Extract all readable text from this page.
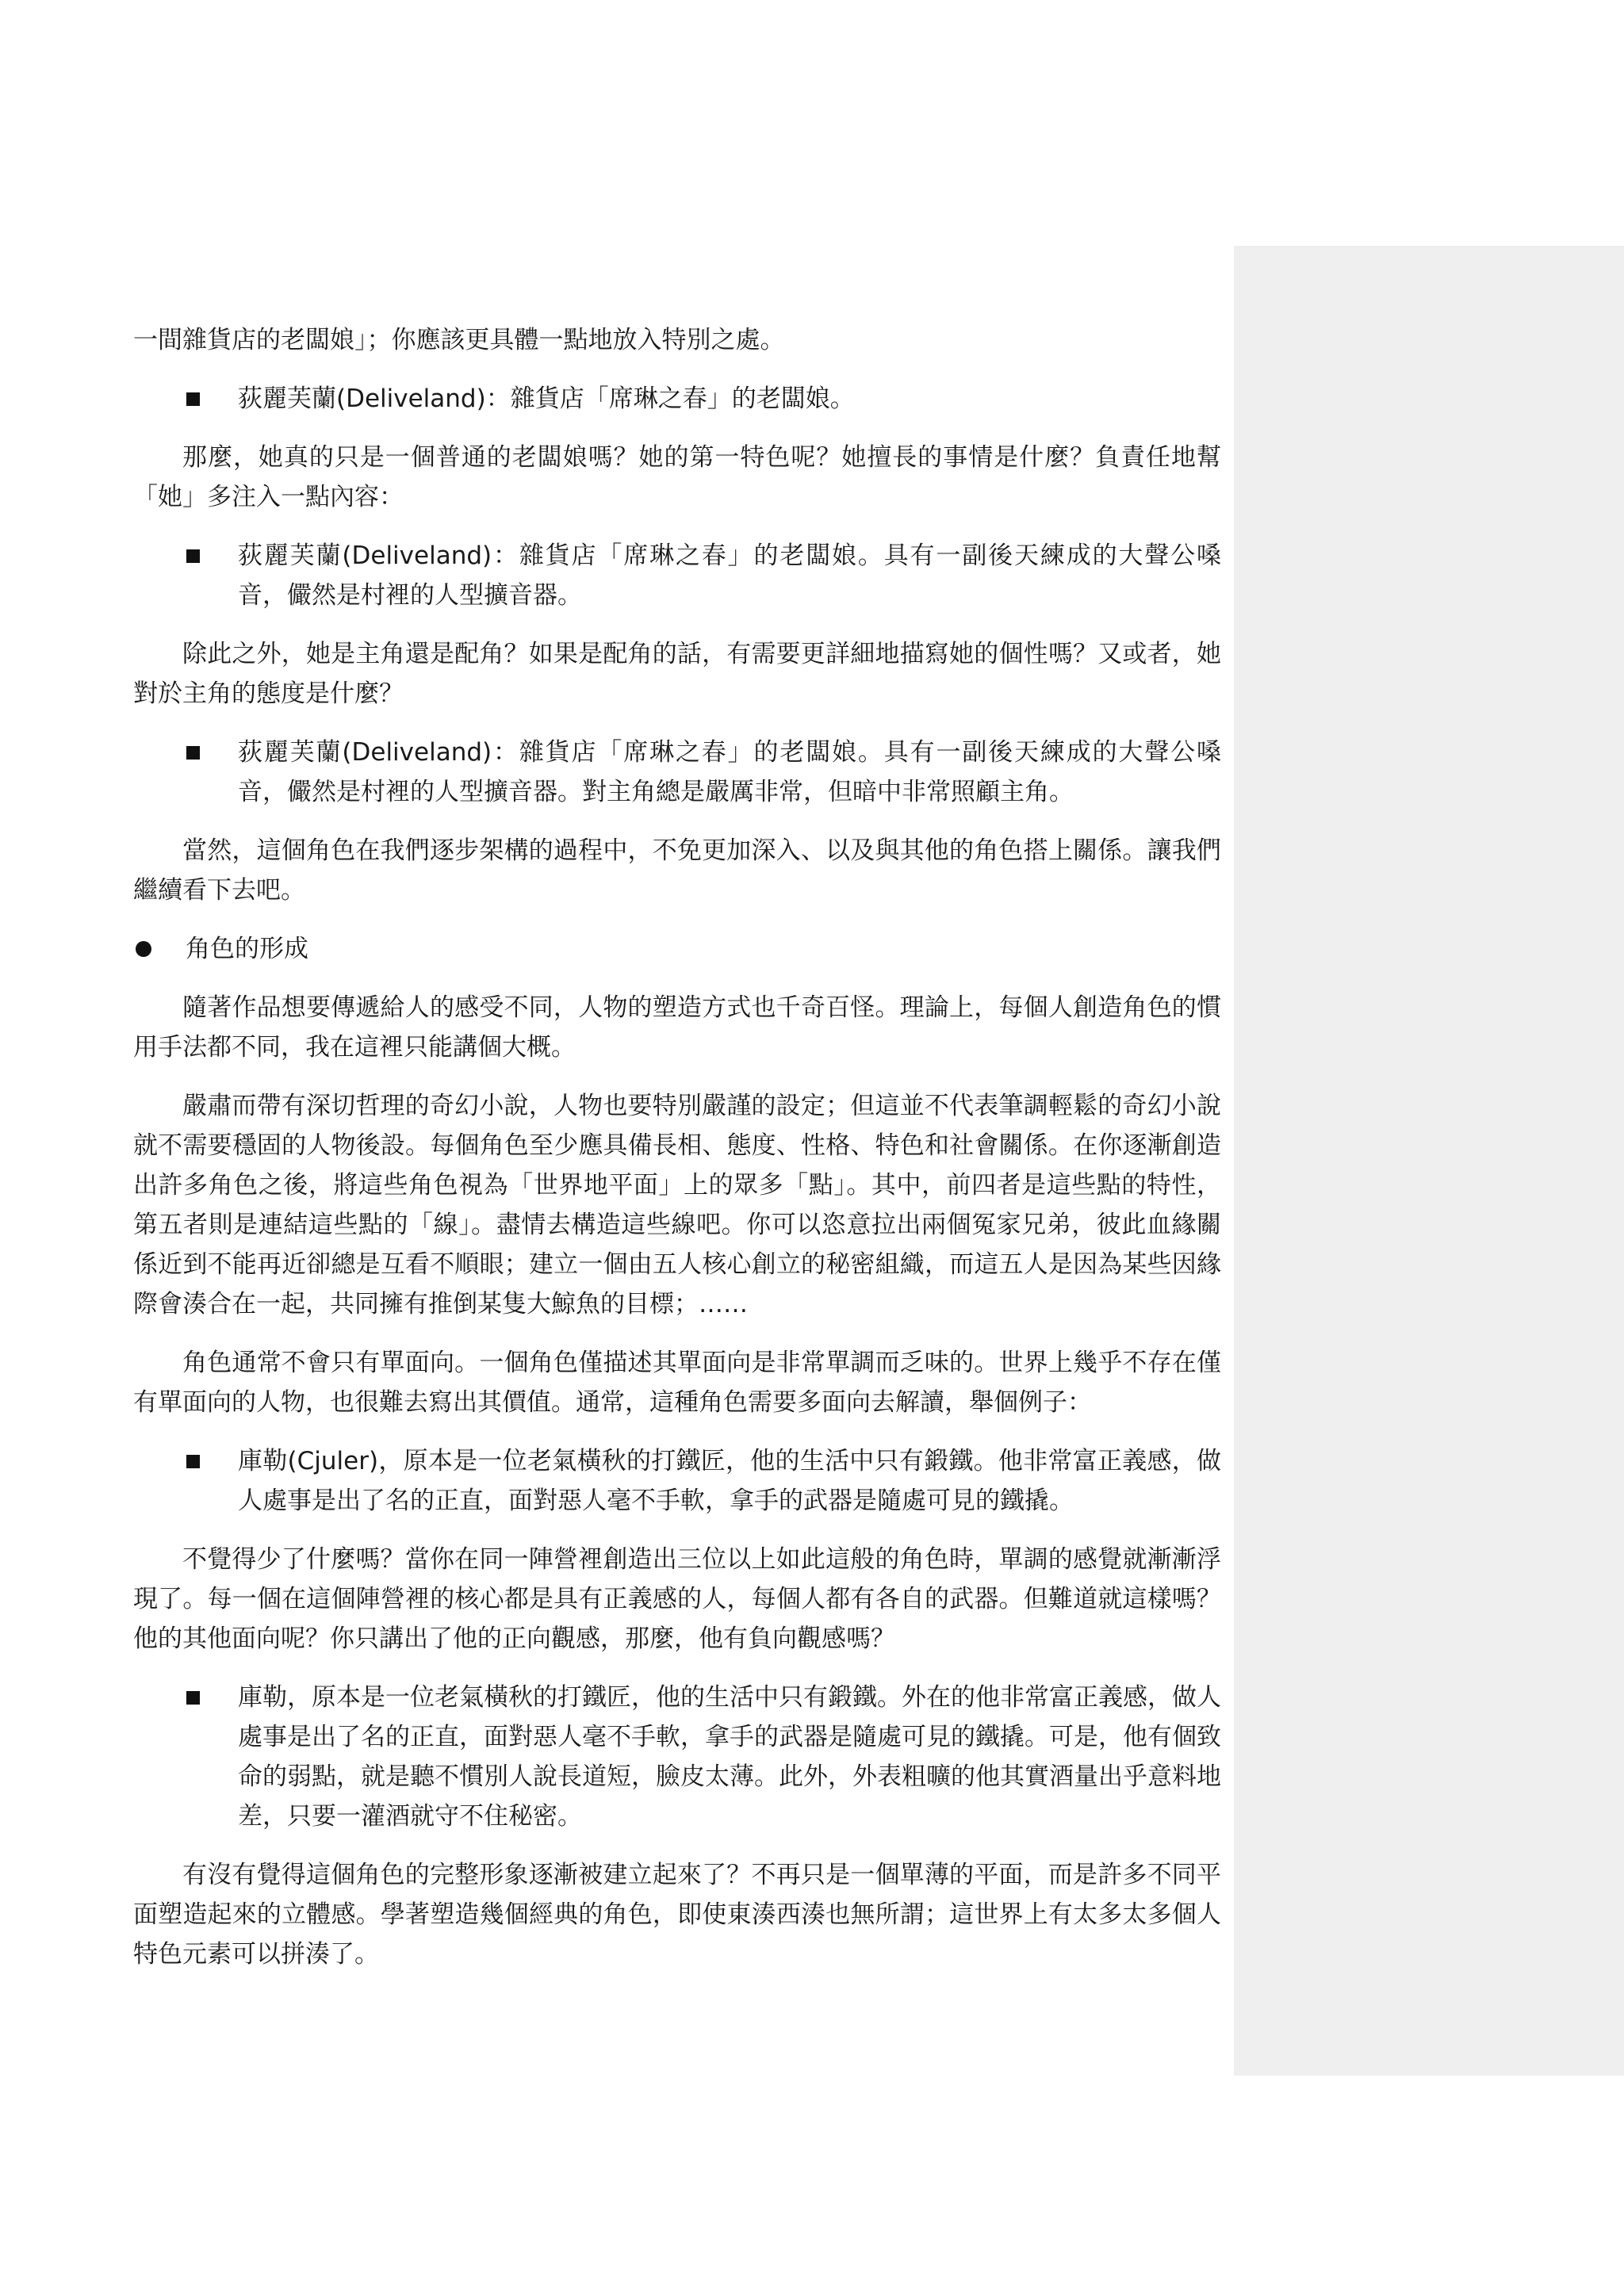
一間雜貨店的老闆娘」；你應該更具體一點地放入特別之處。

荻麗芙蘭(Deliveland)：雜貨店「席琳之春」的老闆娘。

那麼，她真的只是一個普通的老闆娘嗎？她的第一特色呢？她擅長的事情是什麼？負責任地幫「她」多注入一點內容：

荻麗芙蘭(Deliveland)：雜貨店「席琳之春」的老闆娘。具有一副後天練成的大聲公嗓音，儼然是村裡的人型擴音器。

除此之外，她是主角還是配角？如果是配角的話，有需要更詳細地描寫她的個性嗎？又或者，她對於主角的態度是什麼？

荻麗芙蘭(Deliveland)：雜貨店「席琳之春」的老闆娘。具有一副後天練成的大聲公嗓音，儼然是村裡的人型擴音器。對主角總是嚴厲非常，但暗中非常照顧主角。

當然，這個角色在我們逐步架構的過程中，不免更加深入、以及與其他的角色搭上關係。讓我們繼續看下去吧。

角色的形成

隨著作品想要傳遞給人的感受不同，人物的塑造方式也千奇百怪。理論上，每個人創造角色的慣用手法都不同，我在這裡只能講個大概。

嚴肅而帶有深切哲理的奇幻小說，人物也要特別嚴謹的設定；但這並不代表筆調輕鬆的奇幻小說就不需要穩固的人物後設。每個角色至少應具備長相、態度、性格、特色和社會關係。在你逐漸創造出許多角色之後，將這些角色視為「世界地平面」上的眾多「點」。其中，前四者是這些點的特性，第五者則是連結這些點的「線」。盡情去構造這些線吧。你可以恣意拉出兩個冤家兄弟，彼此血緣關係近到不能再近卻總是互看不順眼；建立一個由五人核心創立的秘密組織，而這五人是因為某些因緣際會湊合在一起，共同擁有推倒某隻大鯨魚的目標；……

角色通常不會只有單面向。一個角色僅描述其單面向是非常單調而乏味的。世界上幾乎不存在僅有單面向的人物，也很難去寫出其價值。通常，這種角色需要多面向去解讀，舉個例子：

庫勒(Cjuler)，原本是一位老氣橫秋的打鐵匠，他的生活中只有鍛鐵。他非常富正義感，做人處事是出了名的正直，面對惡人毫不手軟，拿手的武器是隨處可見的鐵撬。

不覺得少了什麼嗎？當你在同一陣營裡創造出三位以上如此這般的角色時，單調的感覺就漸漸浮現了。每一個在這個陣營裡的核心都是具有正義感的人，每個人都有各自的武器。但難道就這樣嗎？他的其他面向呢？你只講出了他的正向觀感，那麼，他有負向觀感嗎？

庫勒，原本是一位老氣橫秋的打鐵匠，他的生活中只有鍛鐵。外在的他非常富正義感，做人處事是出了名的正直，面對惡人毫不手軟，拿手的武器是隨處可見的鐵撬。可是，他有個致命的弱點，就是聽不慣別人說長道短，臉皮太薄。此外，外表粗曠的他其實酒量出乎意料地差，只要一灌酒就守不住秘密。

有沒有覺得這個角色的完整形象逐漸被建立起來了？不再只是一個單薄的平面，而是許多不同平面塑造起來的立體感。學著塑造幾個經典的角色，即使東湊西湊也無所謂；這世界上有太多太多個人特色元素可以拼湊了。
